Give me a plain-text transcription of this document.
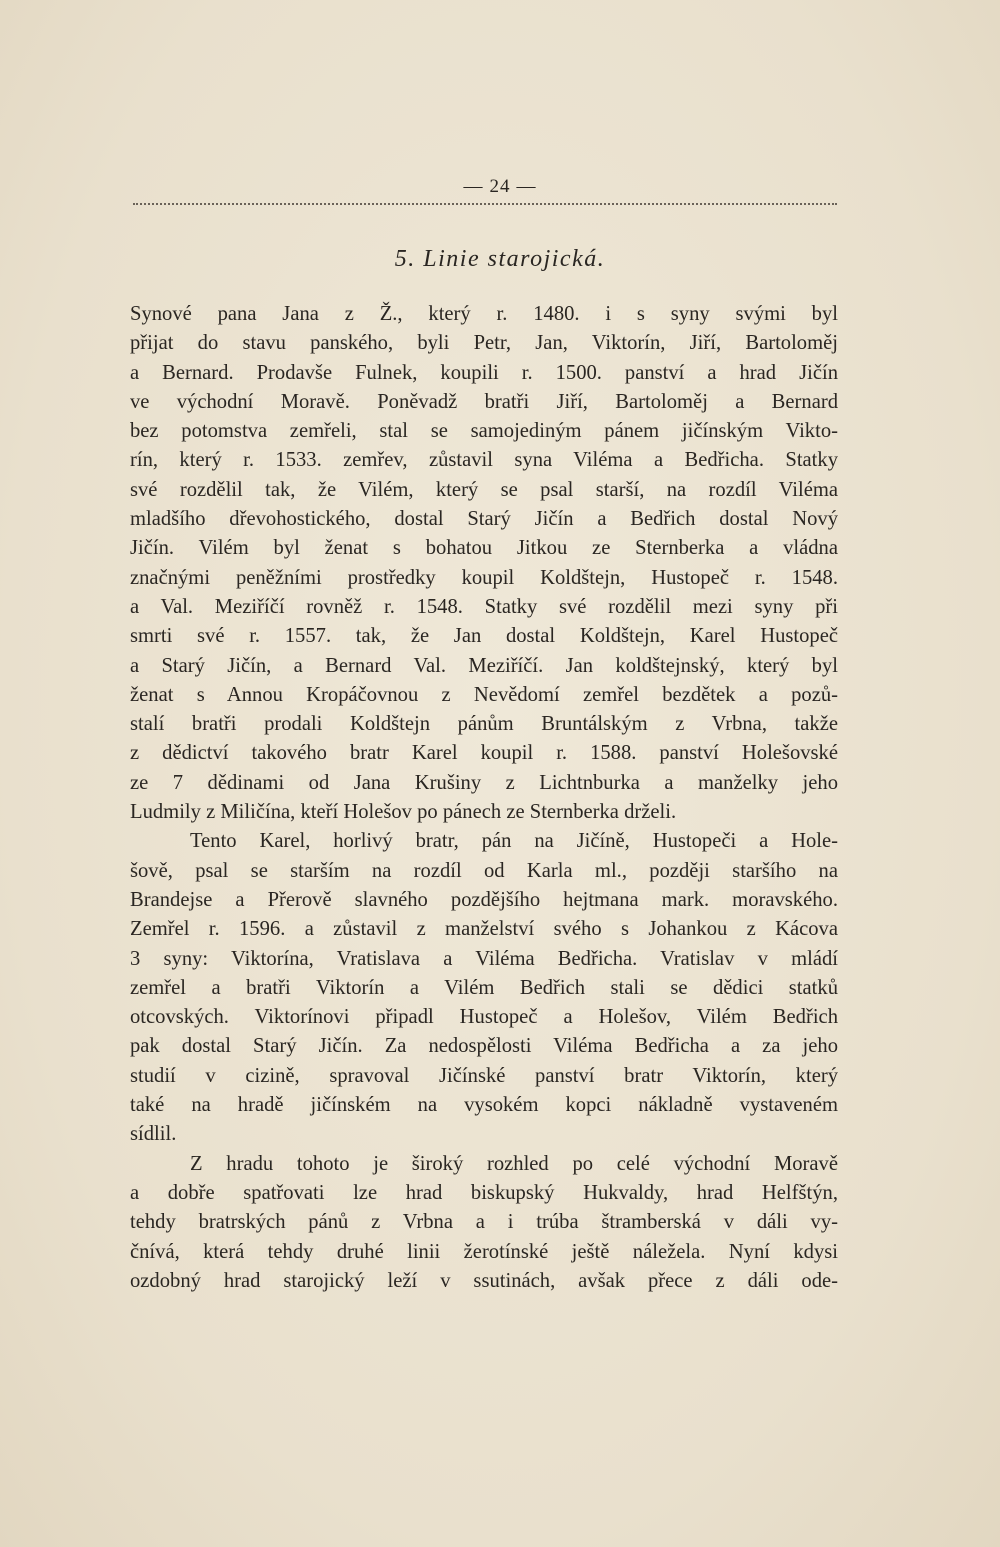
— 24 —
5. Linie starojická.
Synové pana Jana z Ž., který r. 1480. i s syny svými byl
přijat do stavu panského, byli Petr, Jan, Viktorín, Jiří, Bartoloměj
a Bernard. Prodavše Fulnek, koupili r. 1500. panství a hrad Jičín
ve východní Moravě. Poněvadž bratři Jiří, Bartoloměj a Bernard
bez potomstva zemřeli, stal se samojediným pánem jičínským Vikto-
rín, který r. 1533. zemřev, zůstavil syna Viléma a Bedřicha. Statky
své rozdělil tak, že Vilém, který se psal starší, na rozdíl Viléma
mladšího dřevohostického, dostal Starý Jičín a Bedřich dostal Nový
Jičín. Vilém byl ženat s bohatou Jitkou ze Sternberka a vládna
značnými peněžními prostředky koupil Koldštejn, Hustopeč r. 1548.
a Val. Meziříčí rovněž r. 1548. Statky své rozdělil mezi syny při
smrti své r. 1557. tak, že Jan dostal Koldštejn, Karel Hustopeč
a Starý Jičín, a Bernard Val. Meziříčí. Jan koldštejnský, který byl
ženat s Annou Kropáčovnou z Nevědomí zemřel bezdětek a pozů-
stalí bratři prodali Koldštejn pánům Bruntálským z Vrbna, takže
z dědictví takového bratr Karel koupil r. 1588. panství Holešovské
ze 7 dědinami od Jana Krušiny z Lichtnburka a manželky jeho
Ludmily z Miličína, kteří Holešov po pánech ze Sternberka drželi.
Tento Karel, horlivý bratr, pán na Jičíně, Hustopeči a Hole-
šově, psal se starším na rozdíl od Karla ml., později staršího na
Brandejse a Přerově slavného pozdějšího hejtmana mark. moravského.
Zemřel r. 1596. a zůstavil z manželství svého s Johankou z Kácova
3 syny: Viktorína, Vratislava a Viléma Bedřicha. Vratislav v mládí
zemřel a bratři Viktorín a Vilém Bedřich stali se dědici statků
otcovských. Viktorínovi připadl Hustopeč a Holešov, Vilém Bedřich
pak dostal Starý Jičín. Za nedospělosti Viléma Bedřicha a za jeho
studií v cizině, spravoval Jičínské panství bratr Viktorín, který
také na hradě jičínském na vysokém kopci nákladně vystaveném
sídlil.
Z hradu tohoto je široký rozhled po celé východní Moravě
a dobře spatřovati lze hrad biskupský Hukvaldy, hrad Helfštýn,
tehdy bratrských pánů z Vrbna a i trúba štramberská v dáli vy-
čnívá, která tehdy druhé linii žerotínské ještě náležela. Nyní kdysi
ozdobný hrad starojický leží v ssutinách, avšak přece z dáli ode-
